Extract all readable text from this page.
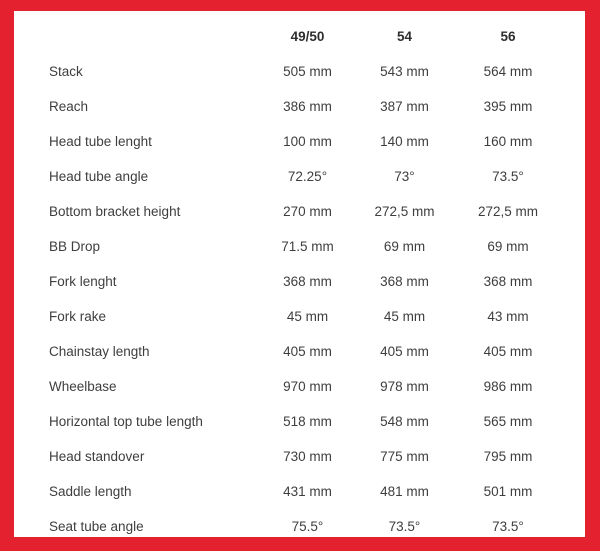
	49/50	54	56
Stack	505 mm	543 mm	564 mm
Reach	386 mm	387 mm	395 mm
Head tube lenght	100 mm	140 mm	160 mm
Head tube angle	72.25°	73°	73.5°
Bottom bracket height	270 mm	272,5 mm	272,5 mm
BB Drop	71.5 mm	69 mm	69 mm
Fork lenght	368 mm	368 mm	368 mm
Fork rake	45 mm	45 mm	43 mm
Chainstay length	405 mm	405 mm	405 mm
Wheelbase	970 mm	978 mm	986 mm
Horizontal top tube length	518 mm	548 mm	565 mm
Head standover	730 mm	775 mm	795 mm
Saddle length	431 mm	481 mm	501 mm
Seat tube angle	75.5°	73.5°	73.5°
